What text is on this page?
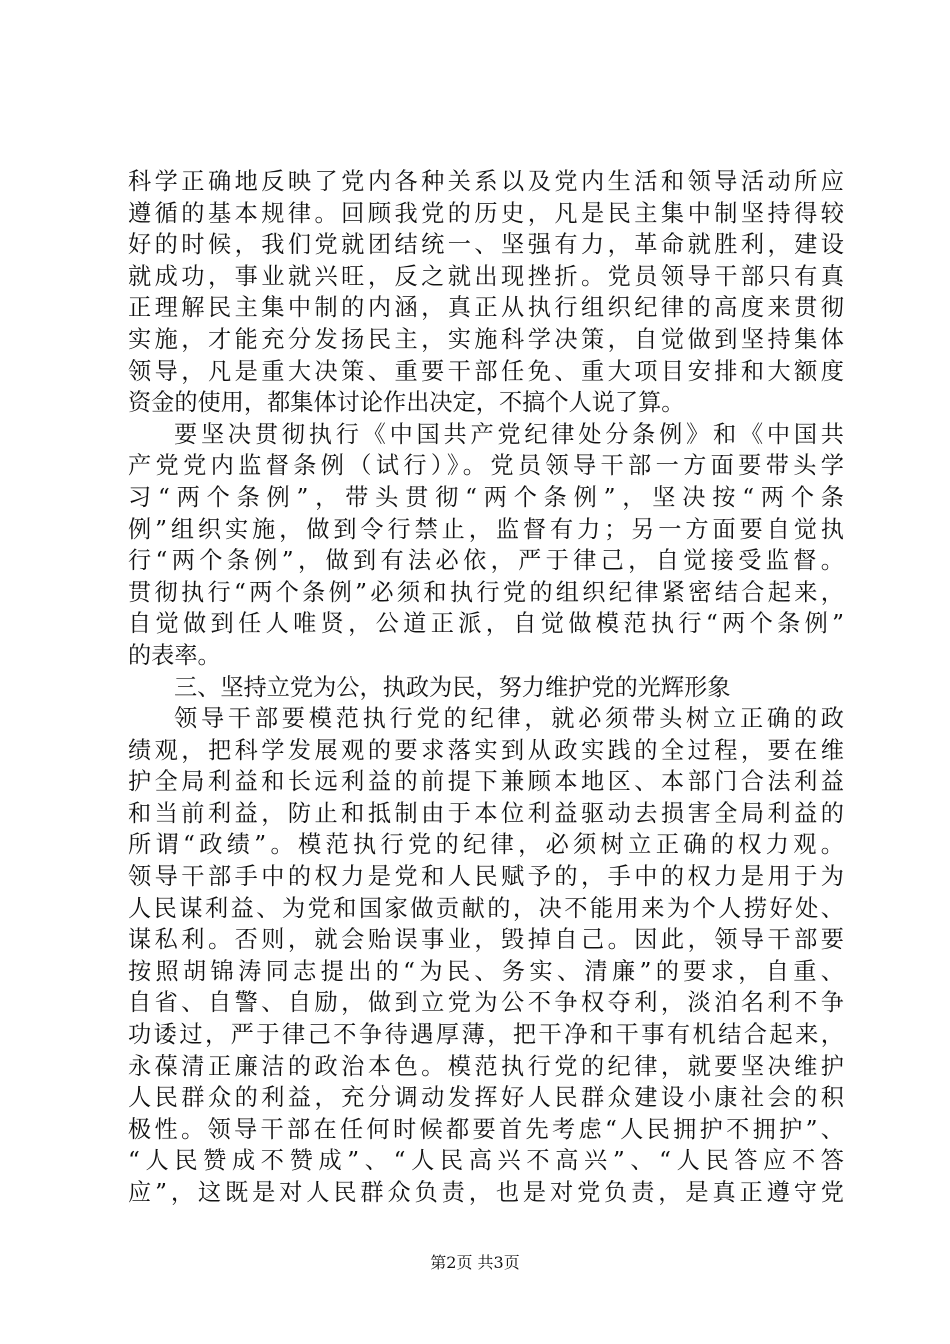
科学正确地反映了党内各种关系以及党内生活和领导活动所应
遵循的基本规律。回顾我党的历史，凡是民主集中制坚持得较
好的时候，我们党就团结统一、坚强有力，革命就胜利，建设
就成功，事业就兴旺，反之就出现挫折。党员领导干部只有真
正理解民主集中制的内涵，真正从执行组织纪律的高度来贯彻
实施，才能充分发扬民主，实施科学决策，自觉做到坚持集体
领导，凡是重大决策、重要干部任免、重大项目安排和大额度
资金的使用，都集体讨论作出决定，不搞个人说了算。
要坚决贯彻执行《中国共产党纪律处分条例》和《中国共
产党党内监督条例（试行）》。党员领导干部一方面要带头学
习“两个条例”，带头贯彻“两个条例”，坚决按“两个条
例”组织实施，做到令行禁止，监督有力；另一方面要自觉执
行“两个条例”，做到有法必依，严于律己，自觉接受监督。
贯彻执行“两个条例”必须和执行党的组织纪律紧密结合起来，
自觉做到任人唯贤，公道正派，自觉做模范执行“两个条例”
的表率。
三、坚持立党为公，执政为民，努力维护党的光辉形象
领导干部要模范执行党的纪律，就必须带头树立正确的政
绩观，把科学发展观的要求落实到从政实践的全过程，要在维
护全局利益和长远利益的前提下兼顾本地区、本部门合法利益
和当前利益，防止和抵制由于本位利益驱动去损害全局利益的
所谓“政绩”。模范执行党的纪律，必须树立正确的权力观。
领导干部手中的权力是党和人民赋予的，手中的权力是用于为
人民谋利益、为党和国家做贡献的，决不能用来为个人捞好处、
谋私利。否则，就会贻误事业，毁掉自己。因此，领导干部要
按照胡锦涛同志提出的“为民、务实、清廉”的要求，自重、
自省、自警、自励，做到立党为公不争权夺利，淡泊名利不争
功诿过，严于律己不争待遇厚薄，把干净和干事有机结合起来，
永葆清正廉洁的政治本色。模范执行党的纪律，就要坚决维护
人民群众的利益，充分调动发挥好人民群众建设小康社会的积
极性。领导干部在任何时候都要首先考虑“人民拥护不拥护”、
“人民赞成不赞成”、“人民高兴不高兴”、“人民答应不答
应”，这既是对人民群众负责，也是对党负责，是真正遵守党
第2页 共3页
